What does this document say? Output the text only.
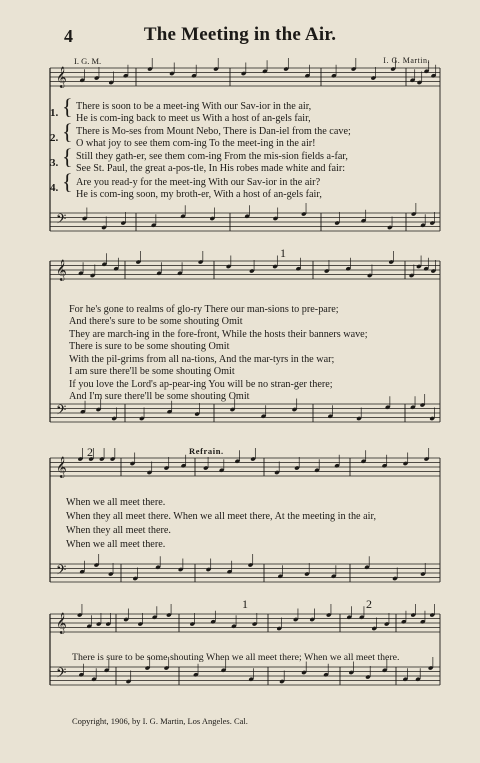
4	The Meeting in the Air.
I. G. M.	I. G. Martin.
𝄞
𝄢
𝄞
𝄢
𝄞
𝄢
𝄞
𝄢
1. { There is soon to be a meet-ing With our Sav-ior in the air,
He is com-ing back to meet us With a host of an-gels fair,
2. { There is Mo-ses from Mount Nebo, There is Dan-iel from the cave;
O what joy to see them com-ing To the meet-ing in the air!
3. { Still they gath-er, see them com-ing From the mis-sion fields a-far,
See St. Paul, the great a-pos-tle, In His robes made white and fair:
4. { Are you read-y for the meet-ing With our Sav-ior in the air?
He is com-ing soon, my broth-er, With a host of an-gels fair,
1
For he's gone to realms of glo-ry There our man-sions to pre-pare;
And there's sure to be some shouting Omit
They are march-ing in the fore-front, While the hosts their banners wave;
There is sure to be some shouting Omit
With the pil-grims from all na-tions, And the mar-tyrs in the war;
I am sure there'll be some shouting Omit
If you love the Lord's ap-pear-ing You will be no stran-ger there;
And I'm sure there'll be some shouting Omit
2	Refrain.
When we all meet there.
When they all meet there. When we all meet there, At the meeting in the air,
When they all meet there.
When we all meet there.
1	2
There is sure to be some shouting When we all meet there; When we all meet there.
Copyright, 1906, by I. G. Martin, Los Angeles. Cal.
